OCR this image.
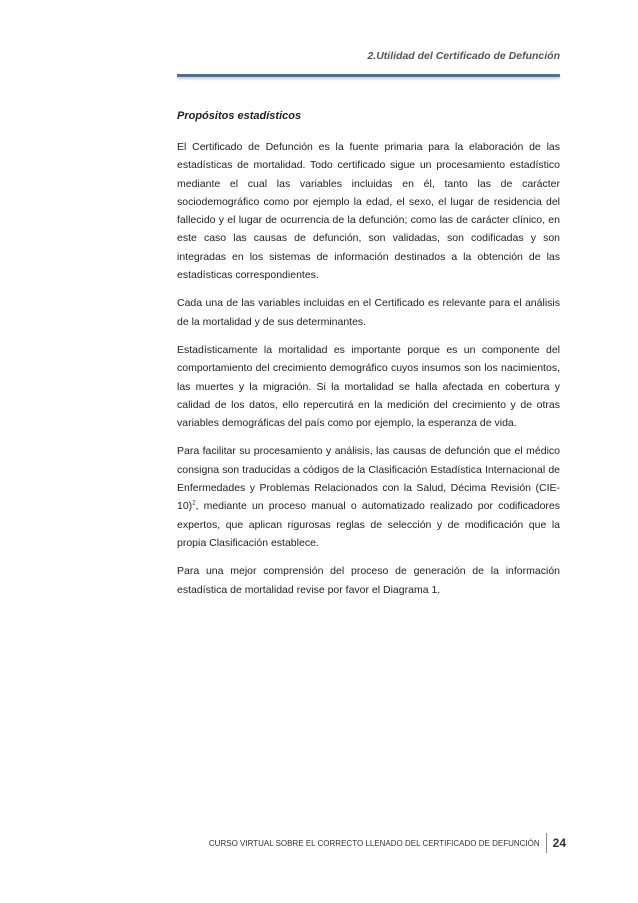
2.Utilidad del Certificado de Defunción

Propósitos estadísticos

El Certificado de Defunción es la fuente primaria para la elaboración de las estadísticas de mortalidad. Todo certificado sigue un procesamiento estadístico mediante el cual las variables incluidas en él, tanto las de carácter sociodemográfico como por ejemplo la edad, el sexo, el lugar de residencia del fallecido y el lugar de ocurrencia de la defunción; como las de carácter clínico, en este caso las causas de defunción, son validadas, son codificadas y son integradas en los sistemas de información destinados a la obtención de las estadísticas correspondientes.

Cada una de las variables incluidas en el Certificado es relevante para el análisis de la mortalidad y de sus determinantes.

Estadísticamente la mortalidad es importante porque es un componente del comportamiento del crecimiento demográfico cuyos insumos son los nacimientos, las muertes y la migración. Si la mortalidad se halla afectada en cobertura y calidad de los datos, ello repercutirá en la medición del crecimiento y de otras variables demográficas del país como por ejemplo, la esperanza de vida.

Para facilitar su procesamiento y análisis, las causas de defunción que el médico consigna son traducidas a códigos de la Clasificación Estadística Internacional de Enfermedades y Problemas Relacionados con la Salud, Décima Revisión $(CIE-10)^2$, mediante un proceso manual o automatizado realizado por codificadores expertos, que aplican rigurosas reglas de selección y de modificación que la propia Clasificación establece.

Para una mejor comprensión del proceso de generación de la información estadística de mortalidad revise por favor el Diagrama 1.

CURSO VIRTUAL SOBRE EL CORRECTO LLENADO DEL CERTIFICADO DE DEFUNCIÓN 24
